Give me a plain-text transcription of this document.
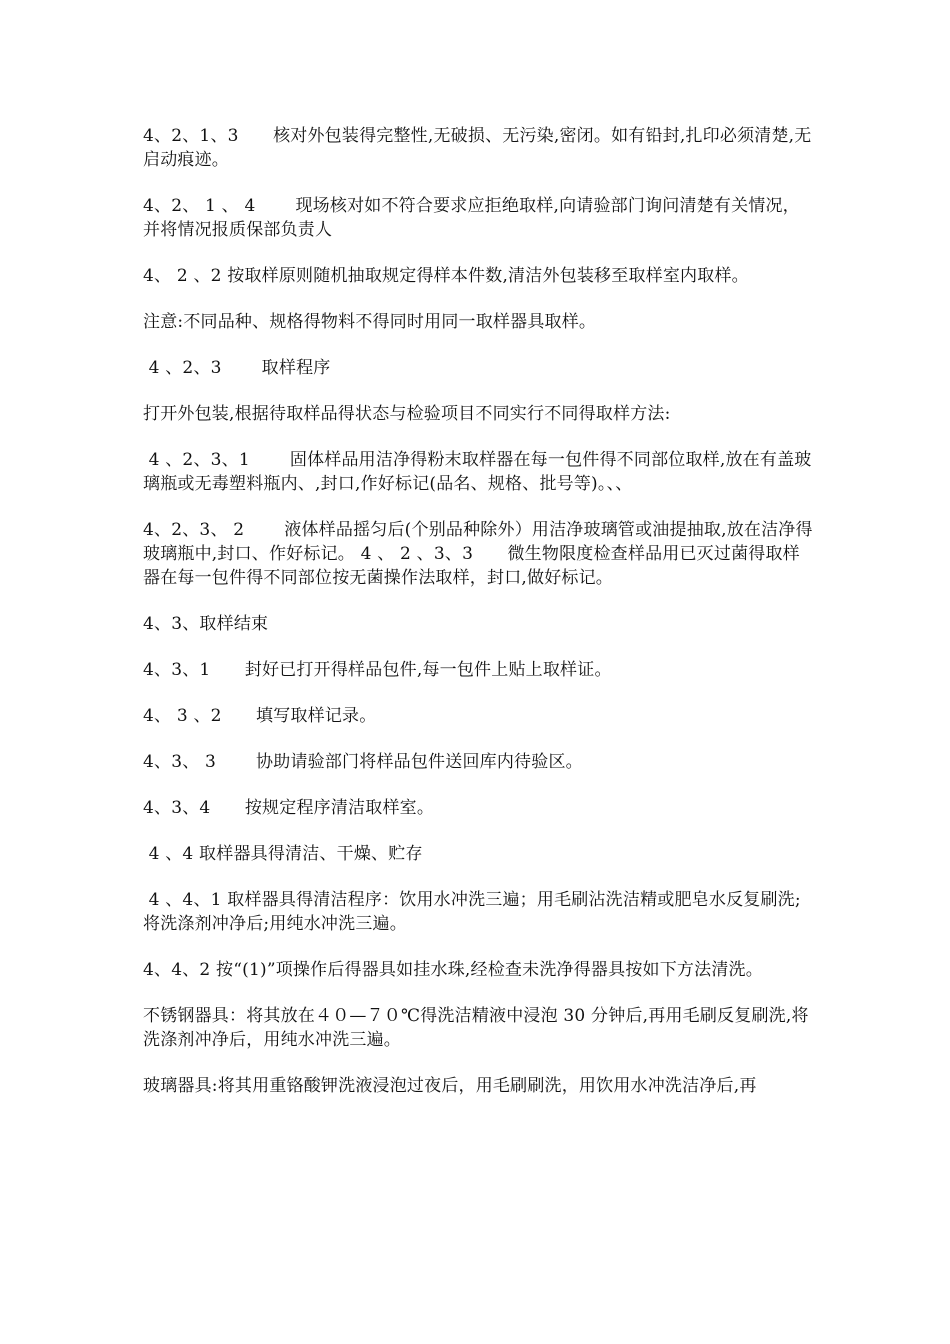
4、2、1、3　　核对外包装得完整性,无破损、无污染,密闭。如有铅封,扎印必须清楚,无启动痕迹。

4、2、 1 、 4　　 现场核对如不符合要求应拒绝取样,向请验部门询问清楚有关情况，并将情况报质保部负责人

4、 2 、2 按取样原则随机抽取规定得样本件数,清洁外包装移至取样室内取样。

注意:不同品种、规格得物料不得同时用同一取样器具取样。

4 、2、3　　 取样程序

打开外包装,根据待取样品得状态与检验项目不同实行不同得取样方法:

4 、2、3、1　　 固体样品用洁净得粉末取样器在每一包件得不同部位取样,放在有盖玻璃瓶或无毒塑料瓶内、,封口,作好标记(品名、规格、批号等)。、、

4、2、3、 2　　 液体样品摇匀后(个别品种除外）用洁净玻璃管或油提抽取,放在洁净得玻璃瓶中,封口、作好标记。 4 、 2 、3、3　　微生物限度检查样品用已灭过菌得取样器在每一包件得不同部位按无菌操作法取样，封口,做好标记。

4、3、取样结束

4、3、1　　封好已打开得样品包件,每一包件上贴上取样证。

4、 3 、2　　填写取样记录。

4、3、 3　　 协助请验部门将样品包件送回库内待验区。

4、3、4　　按规定程序清洁取样室。

4 、4 取样器具得清洁、干燥、贮存

4 、4、1 取样器具得清洁程序：饮用水冲洗三遍；用毛刷沾洗洁精或肥皂水反复刷洗;将洗涤剂冲净后;用纯水冲洗三遍。

4、4、2 按“(1)”项操作后得器具如挂水珠,经检查未洗净得器具按如下方法清洗。

不锈钢器具：将其放在４０—７０℃得洗洁精液中浸泡 30 分钟后,再用毛刷反复刷洗,将洗涤剂冲净后，用纯水冲洗三遍。

玻璃器具:将其用重铬酸钾洗液浸泡过夜后，用毛刷刷洗，用饮用水冲洗洁净后,再
